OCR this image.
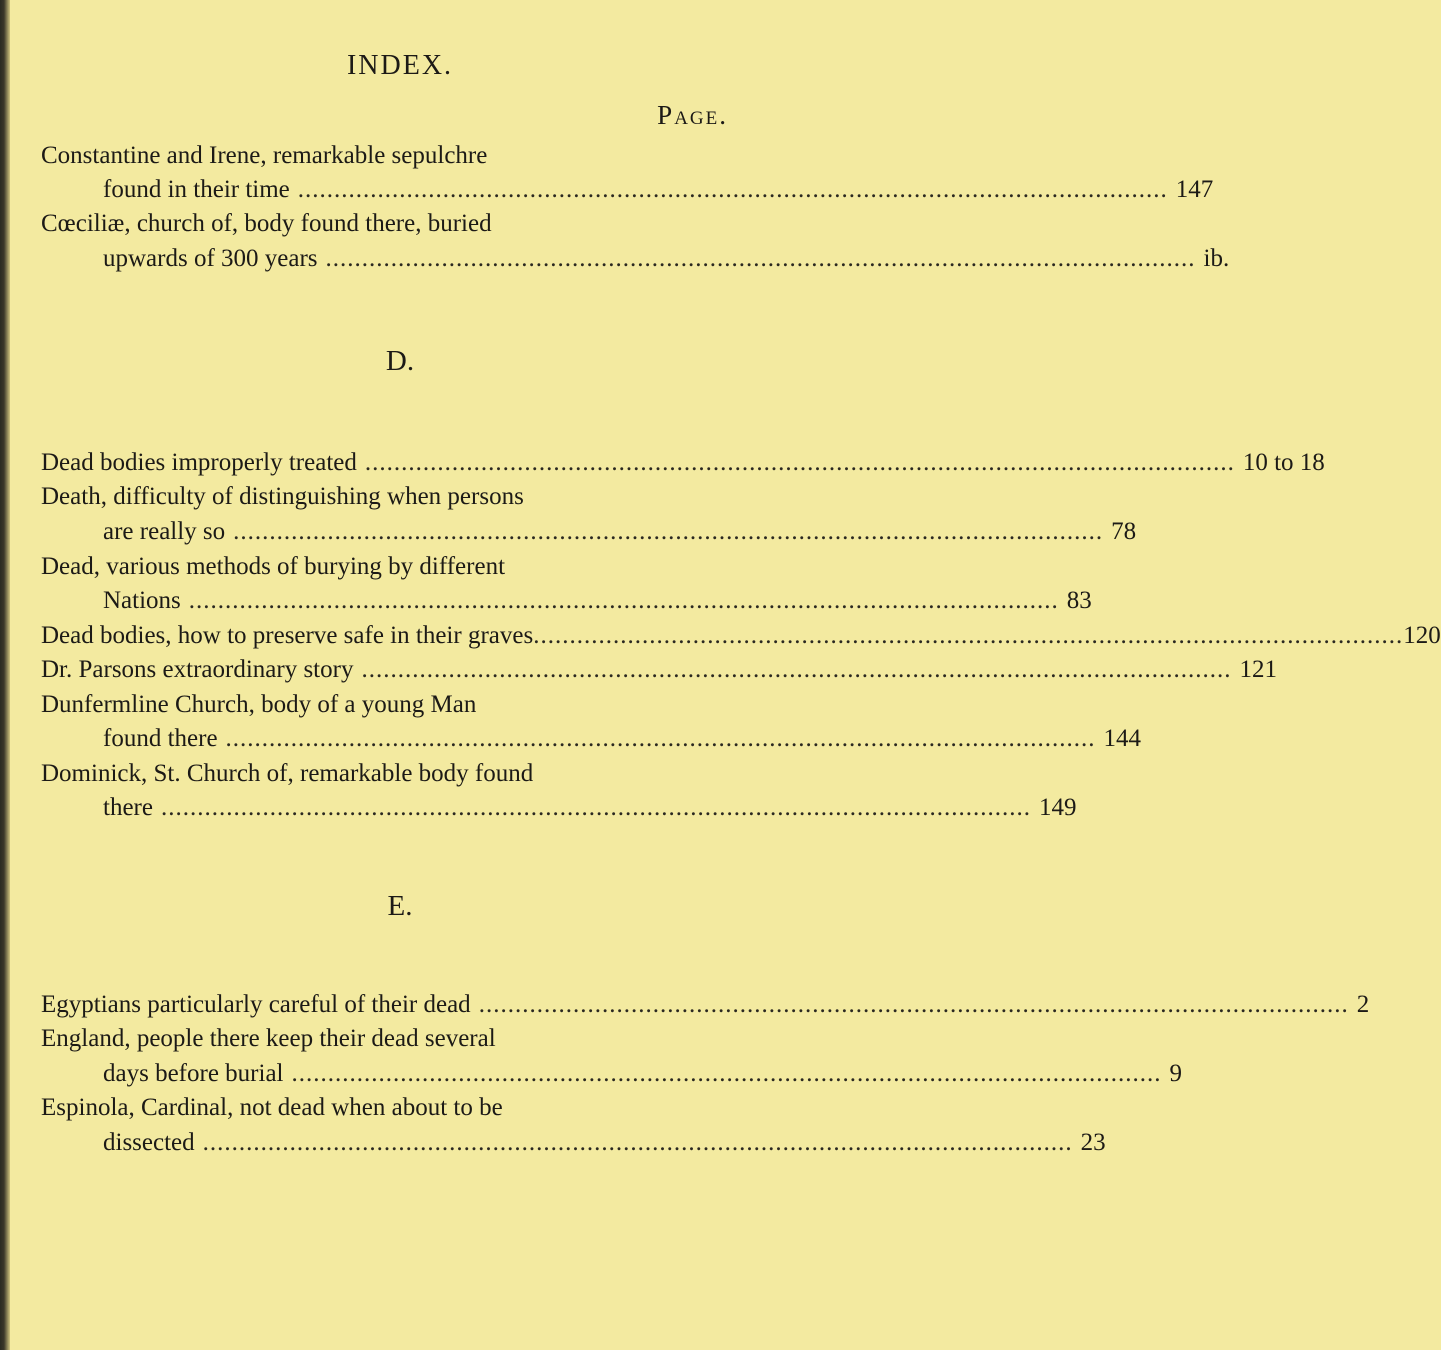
INDEX.
Page.
Constantine and Irene, remarkable sepulchre
found in their time ........................................................................................................................ 147
Cœciliæ, church of, body found there, buried
upwards of 300 years ........................................................................................................................ ib.
D.
Dead bodies improperly treated ........................................................................................................................ 10 to 18
Death, difficulty of distinguishing when persons
are really so ........................................................................................................................ 78
Dead, various methods of burying by different
Nations ........................................................................................................................ 83
Dead bodies, how to preserve safe in their graves ........................................................................................................................ 120
Dr. Parsons extraordinary story ........................................................................................................................ 121
Dunfermline Church, body of a young Man
found there ........................................................................................................................ 144
Dominick, St. Church of, remarkable body found
there ........................................................................................................................ 149
E.
Egyptians particularly careful of their dead ........................................................................................................................ 2
England, people there keep their dead several
days before burial ........................................................................................................................ 9
Espinola, Cardinal, not dead when about to be
dissected ........................................................................................................................ 23
